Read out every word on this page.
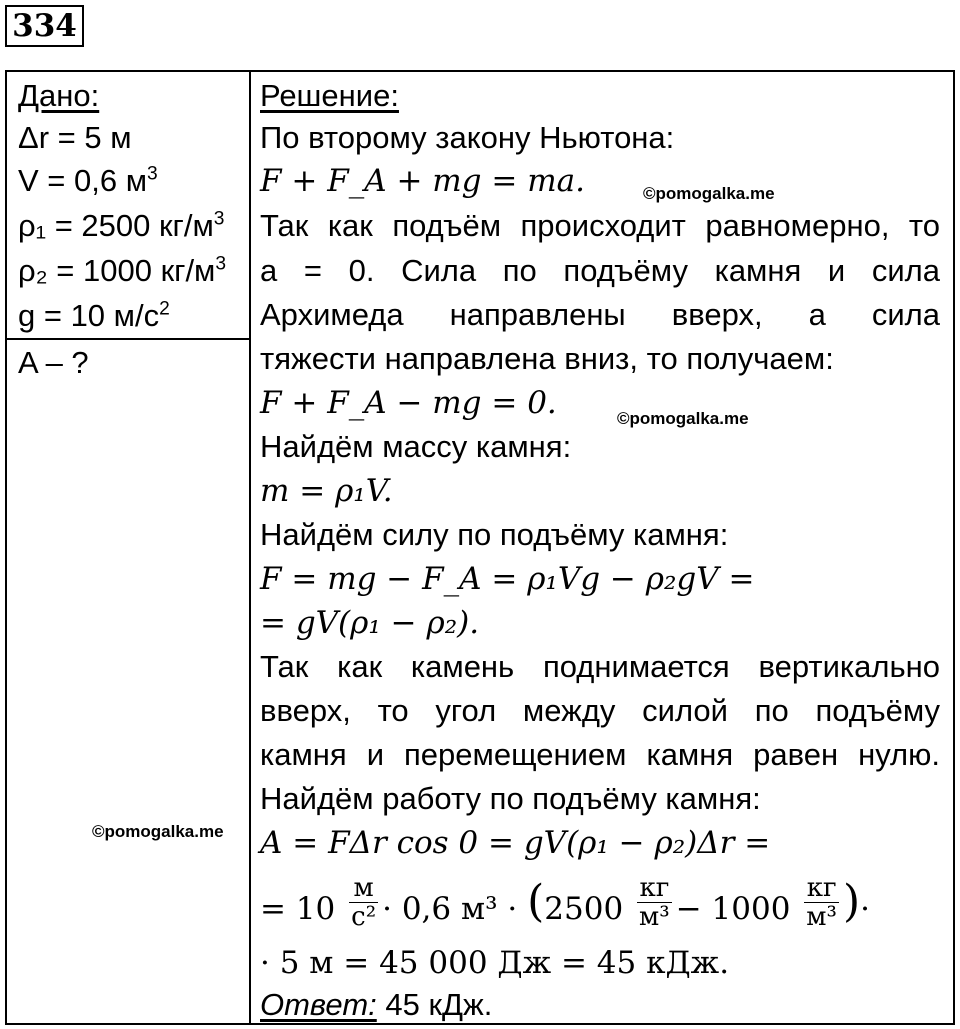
334
Дано:
Δr = 5 м
V = 0,6 $м^3$
ρ₁ = 2500 $кг/м^3$
ρ₂ = 1000 $кг/м^3$
g = 10 $м/с^2$
A – ?
Решение:
По второму закону Ньютона:
F + F_A + mg = ma.
Так как подъём происходит равномерно, то
a = 0. Сила по подъёму камня и сила
Архимеда направлены вверх, а сила
тяжести направлена вниз, то получаем:
F + F_A − mg = 0.
Найдём массу камня:
m = ρ₁V.
Найдём силу по подъёму камня:
F = mg − F_A = ρ₁Vg − ρ₂gV =
= gV(ρ₁ − ρ₂).
Так как камень поднимается вертикально
вверх, то угол между силой по подъёму
камня и перемещением камня равен нулю.
Найдём работу по подъёму камня:
A = FΔr cos 0 = gV(ρ₁ − ρ₂)Δr =
= $10 \frac{м}{\text{с²}} \cdot 0,6$ $м^3 \cdot (2500 \frac{кг}{\text{м³}} - 1000 \frac{кг}{\text{м³}}$ )·
· 5 м = 45 000 Дж = 45 кДж.
Ответ: 45 кДж.
©pomogalka.me
©pomogalka.me
©pomogalka.me
